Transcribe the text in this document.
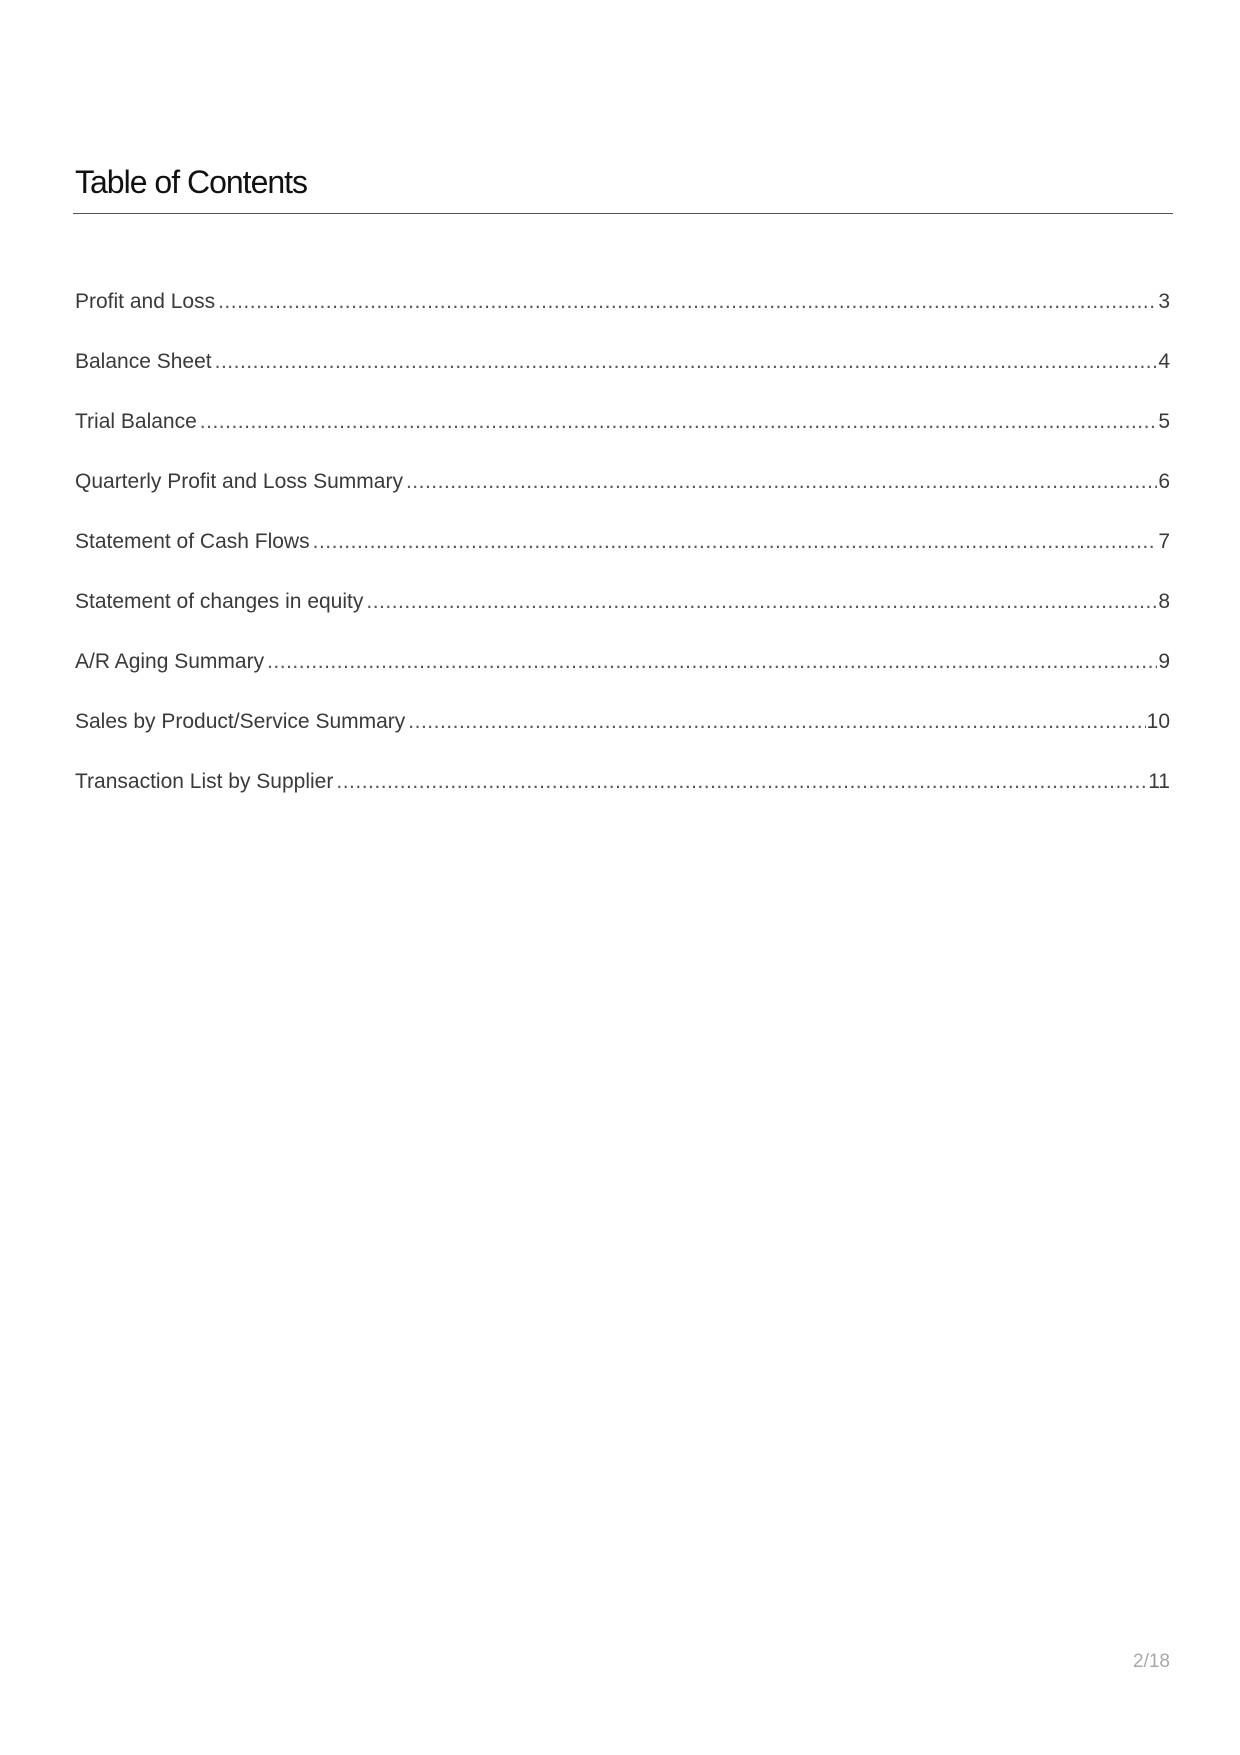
Table of Contents
Profit and Loss .....	3
Balance Sheet .....	4
Trial Balance .....	5
Quarterly Profit and Loss Summary .....	6
Statement of Cash Flows .....	7
Statement of changes in equity .....	8
A/R Aging Summary .....	9
Sales by Product/Service Summary .....	10
Transaction List by Supplier .....	11
2/18
